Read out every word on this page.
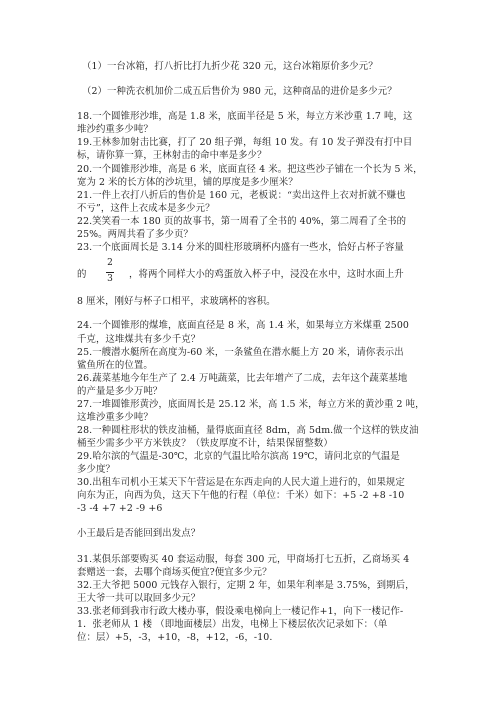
（1）一台冰箱，打八折比打九折少花 320 元，这台冰箱原价多少元？
（2）一种洗衣机加价二成五后售价为 980 元，这种商品的进价是多少元？
18.一个圆锥形沙堆，高是 1.8 米，底面半径是 5 米，每立方米沙重 1.7 吨，这
堆沙约重多少吨？
19.王林参加射击比赛，打了 20 组子弹，每组 10 发。有 10 发子弹没有打中目
标，请你算一算，王林射击的命中率是多少？
20.一个圆锥形沙堆，高是 6 米，底面直径 4 米。把这些沙子铺在一个长为 5 米，
宽为 2 米的长方体的沙坑里，铺的厚度是多少厘米？
21.一件上衣打八折后的售价是 160 元，老板说：“卖出这件上衣对折就不赚也
不亏”，这件上衣成本是多少元？
22.笑笑看一本 180 页的故事书，第一周看了全书的 40%，第二周看了全书的
25%。两周共看了多少页？
23.一个底面周长是 3.14 分米的圆柱形玻璃杯内盛有一些水，恰好占杯子容量
的
2
3	，将两个同样大小的鸡蛋放入杯子中，浸没在水中，这时水面上升
8 厘米，刚好与杯子口相平，求玻璃杯的容积。
24.一个圆锥形的煤堆，底面直径是 8 米，高 1.4 米，如果每立方米煤重 2500
千克，这堆煤共有多少千克？
25.一艘潜水艇所在高度为-60 米，一条鲨鱼在潜水艇上方 20 米，请你表示出
鲨鱼所在的位置。
26.蔬菜基地今年生产了 2.4 万吨蔬菜，比去年增产了二成，去年这个蔬菜基地
的产量是多少万吨？
27.一堆圆锥形黄沙，底面周长是 25.12 米，高 1.5 米，每立方米的黄沙重 2 吨，
这堆沙重多少吨？
28.一种圆柱形状的铁皮油桶，量得底面直径 8dm，高 5dm.做一个这样的铁皮油
桶至少需多少平方米铁皮？（铁皮厚度不计，结果保留整数）
29.哈尔滨的气温是-30℃，北京的气温比哈尔滨高 19℃，请问北京的气温是
多少度？
30.出租车司机小王某天下午营运是在东西走向的人民大道上进行的，如果规定
向东为正，向西为负，这天下午他的行程（单位：千米）如下：+5 -2 +8 -10
-3 -4 +7 +2 -9 +6
小王最后是否能回到出发点？
31.某俱乐部要购买 40 套运动服，每套 300 元，甲商场打七五折，乙商场买 4
套赠送一套，去哪个商场买便宜?便宜多少元？
32.王大爷把 5000 元钱存入银行，定期 2 年，如果年利率是 3.75%，到期后，
王大爷一共可以取回多少元？
33.张老师到我市行政大楼办事，假设乘电梯向上一楼记作+1，向下一楼记作-
1．张老师从 1 楼 （即地面楼层）出发，电梯上下楼层依次记录如下：（单
位：层）+5，-3，+10，-8，+12，-6，-10.
